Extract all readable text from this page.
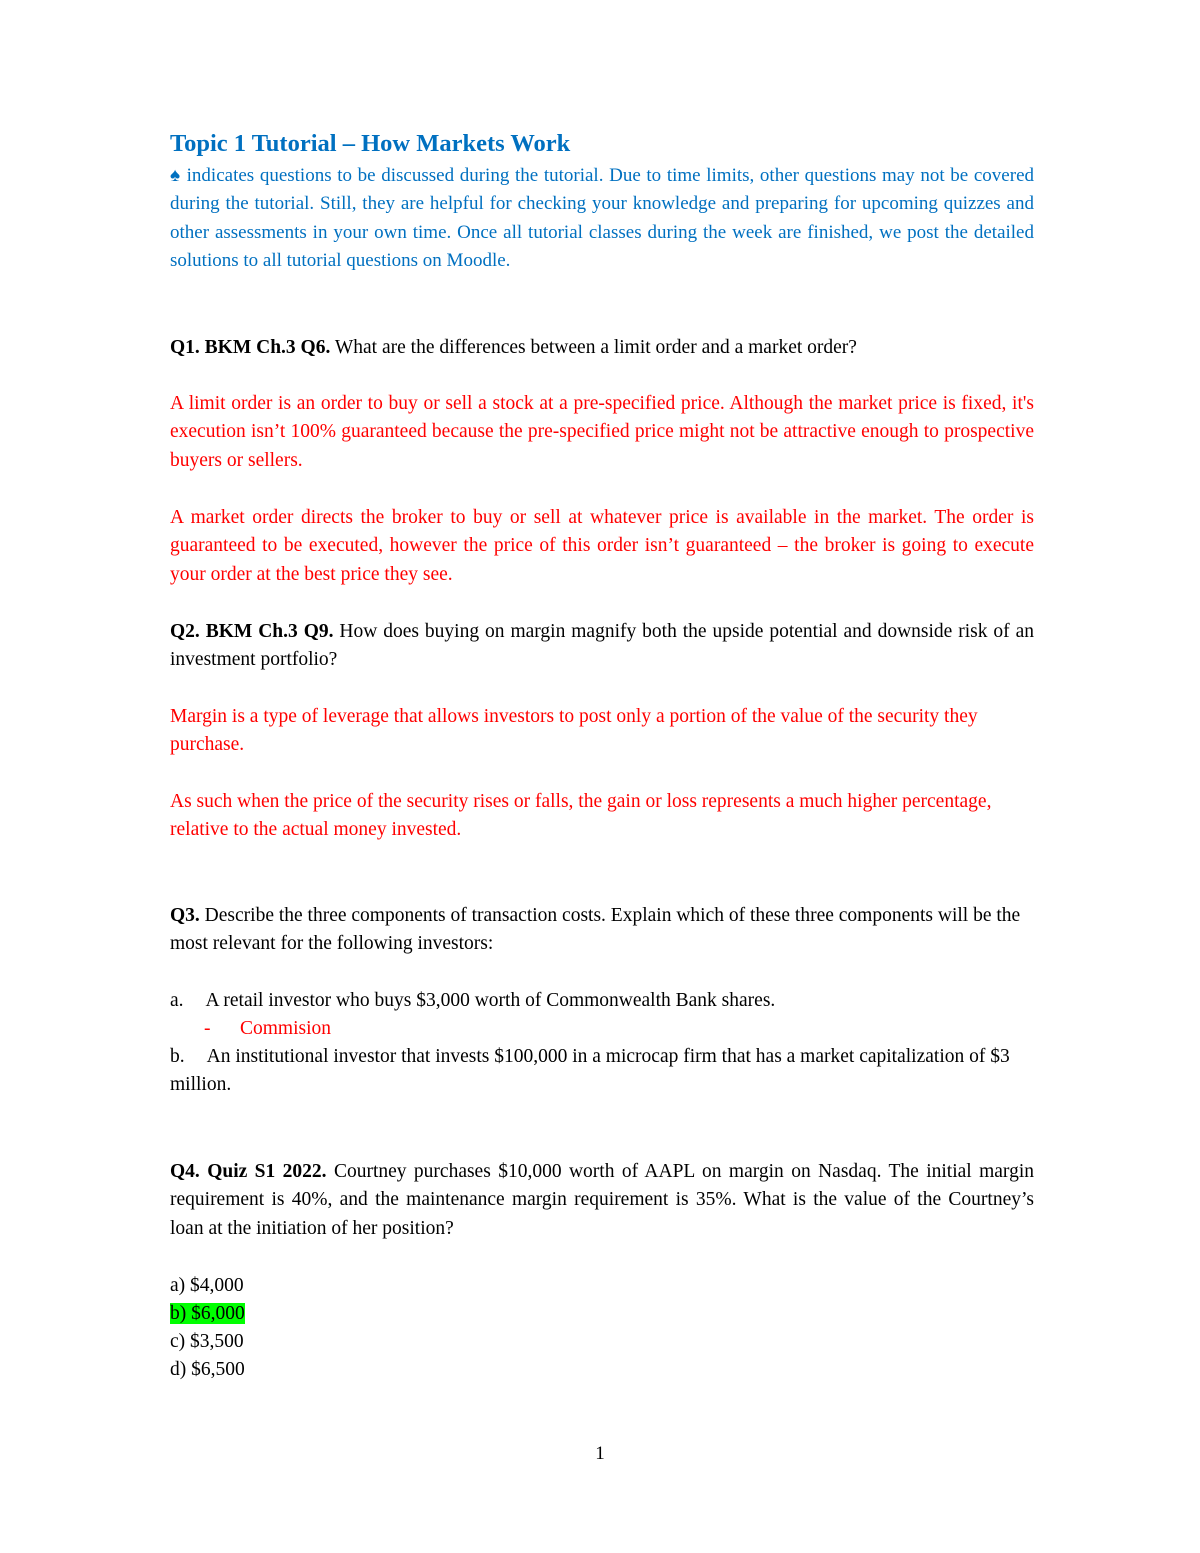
Topic 1 Tutorial – How Markets Work

♠ indicates questions to be discussed during the tutorial. Due to time limits, other questions may not be covered during the tutorial. Still, they are helpful for checking your knowledge and preparing for upcoming quizzes and other assessments in your own time. Once all tutorial classes during the week are finished, we post the detailed solutions to all tutorial questions on Moodle.

Q1. BKM Ch.3 Q6. What are the differences between a limit order and a market order?

A limit order is an order to buy or sell a stock at a pre-specified price. Although the market price is fixed, it's execution isn’t 100% guaranteed because the pre-specified price might not be attractive enough to prospective buyers or sellers.

A market order directs the broker to buy or sell at whatever price is available in the market. The order is guaranteed to be executed, however the price of this order isn’t guaranteed – the broker is going to execute your order at the best price they see.

Q2. BKM Ch.3 Q9. How does buying on margin magnify both the upside potential and downside risk of an investment portfolio?

Margin is a type of leverage that allows investors to post only a portion of the value of the security they purchase.

As such when the price of the security rises or falls, the gain or loss represents a much higher percentage, relative to the actual money invested.

Q3. Describe the three components of transaction costs. Explain which of these three components will be the most relevant for the following investors:

a. A retail investor who buys $3,000 worth of Commonwealth Bank shares.

- Commision

b. An institutional investor that invests $100,000 in a microcap firm that has a market capitalization of $3 million.

Q4. Quiz S1 2022. Courtney purchases $10,000 worth of AAPL on margin on Nasdaq. The initial margin requirement is 40%, and the maintenance margin requirement is 35%. What is the value of the Courtney’s loan at the initiation of her position?

a) $4,000

b) $6,000

c) $3,500

d) $6,500

1
